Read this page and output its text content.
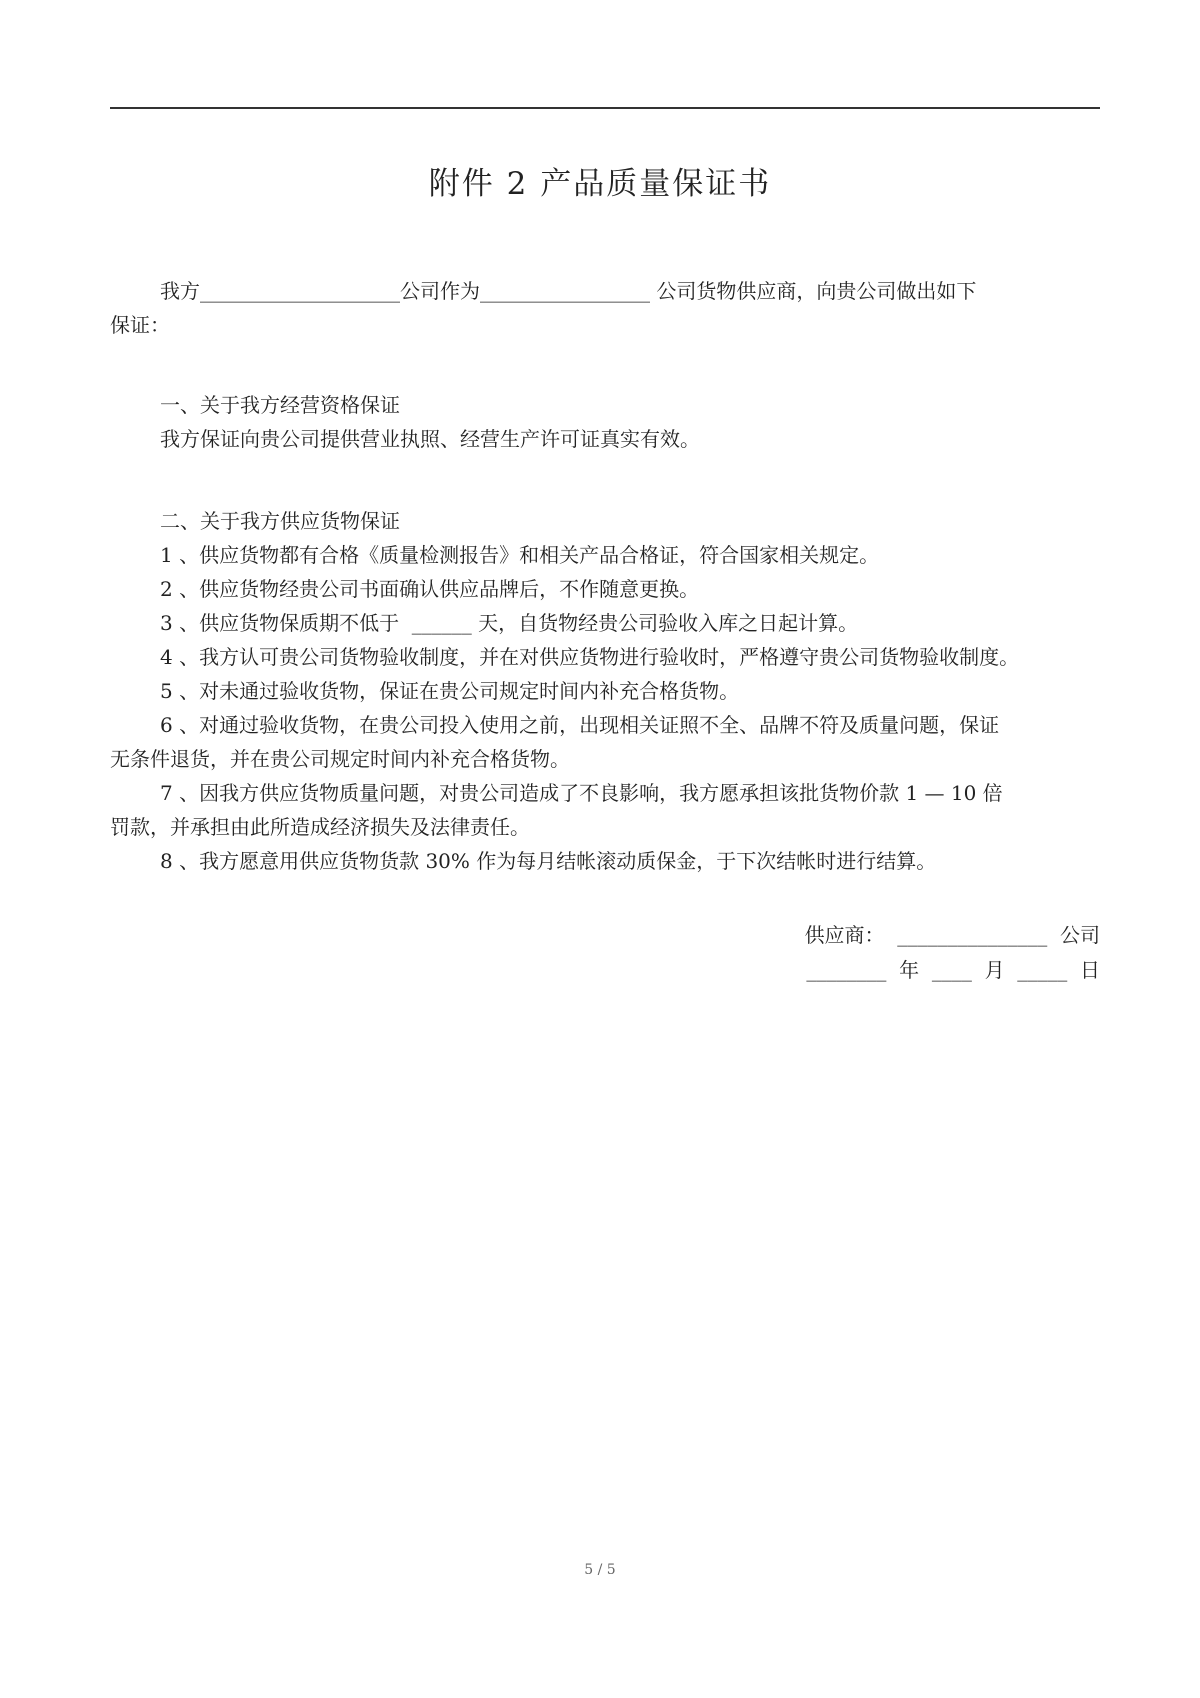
附件 2 产品质量保证书
我方____________________公司作为_________________ 公司货物供应商，向贵公司做出如下
保证：
一、关于我方经营资格保证
我方保证向贵公司提供营业执照、经营生产许可证真实有效。
二、关于我方供应货物保证
1 、供应货物都有合格《质量检测报告》和相关产品合格证，符合国家相关规定。
2 、供应货物经贵公司书面确认供应品牌后，不作随意更换。
3 、供应货物保质期不低于  ______ 天，自货物经贵公司验收入库之日起计算。
4 、我方认可贵公司货物验收制度，并在对供应货物进行验收时，严格遵守贵公司货物验收制度。
5 、对未通过验收货物，保证在贵公司规定时间内补充合格货物。
6 、对通过验收货物，在贵公司投入使用之前，出现相关证照不全、品牌不符及质量问题，保证
无条件退货，并在贵公司规定时间内补充合格货物。
7 、因我方供应货物质量问题，对贵公司造成了不良影响，我方愿承担该批货物价款 1 — 10 倍
罚款，并承担由此所造成经济损失及法律责任。
8 、我方愿意用供应货物货款 30% 作为每月结帐滚动质保金，于下次结帐时进行结算。
供应商：  _______________  公司
________  年  ____  月  _____  日
5 / 5
